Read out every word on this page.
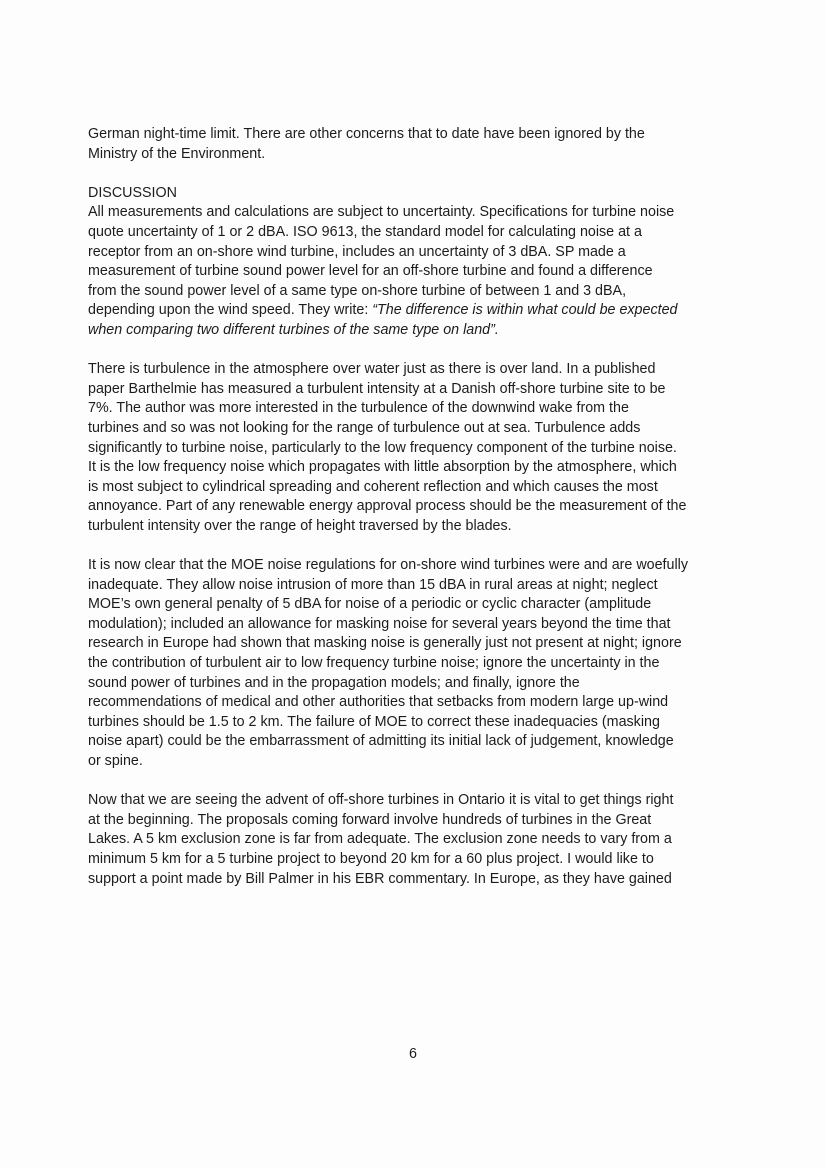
German night-time limit. There are other concerns that to date have been ignored by the
Ministry of the Environment.
DISCUSSION
All measurements and calculations are subject to uncertainty. Specifications for turbine noise
quote uncertainty of 1 or 2 dBA. ISO 9613, the standard model for calculating noise at a
receptor from an on-shore wind turbine, includes an uncertainty of 3 dBA. SP made a
measurement of turbine sound power level for an off-shore turbine and found a difference
from the sound power level of a same type on-shore turbine of between 1 and 3 dBA,
depending upon the wind speed. They write: “The difference is within what could be expected
when comparing two different turbines of the same type on land”.
There is turbulence in the atmosphere over water just as there is over land. In a published
paper Barthelmie has measured a turbulent intensity at a Danish off-shore turbine site to be
7%. The author was more interested in the turbulence of the downwind wake from the
turbines and so was not looking for the range of turbulence out at sea. Turbulence adds
significantly to turbine noise, particularly to the low frequency component of the turbine noise.
It is the low frequency noise which propagates with little absorption by the atmosphere, which
is most subject to cylindrical spreading and coherent reflection and which causes the most
annoyance. Part of any renewable energy approval process should be the measurement of the
turbulent intensity over the range of height traversed by the blades.
It is now clear that the MOE noise regulations for on-shore wind turbines were and are woefully
inadequate. They allow noise intrusion of more than 15 dBA in rural areas at night; neglect
MOE’s own general penalty of 5 dBA for noise of a periodic or cyclic character (amplitude
modulation); included an allowance for masking noise for several years beyond the time that
research in Europe had shown that masking noise is generally just not present at night; ignore
the contribution of turbulent air to low frequency turbine noise; ignore the uncertainty in the
sound power of turbines and in the propagation models; and finally, ignore the
recommendations of medical and other authorities that setbacks from modern large up-wind
turbines should be 1.5 to 2 km. The failure of MOE to correct these inadequacies (masking
noise apart) could be the embarrassment of admitting its initial lack of judgement, knowledge
or spine.
Now that we are seeing the advent of off-shore turbines in Ontario it is vital to get things right
at the beginning. The proposals coming forward involve hundreds of turbines in the Great
Lakes. A 5 km exclusion zone is far from adequate. The exclusion zone needs to vary from a
minimum 5 km for a 5 turbine project to beyond 20 km for a 60 plus project. I would like to
support a point made by Bill Palmer in his EBR commentary. In Europe, as they have gained
6
